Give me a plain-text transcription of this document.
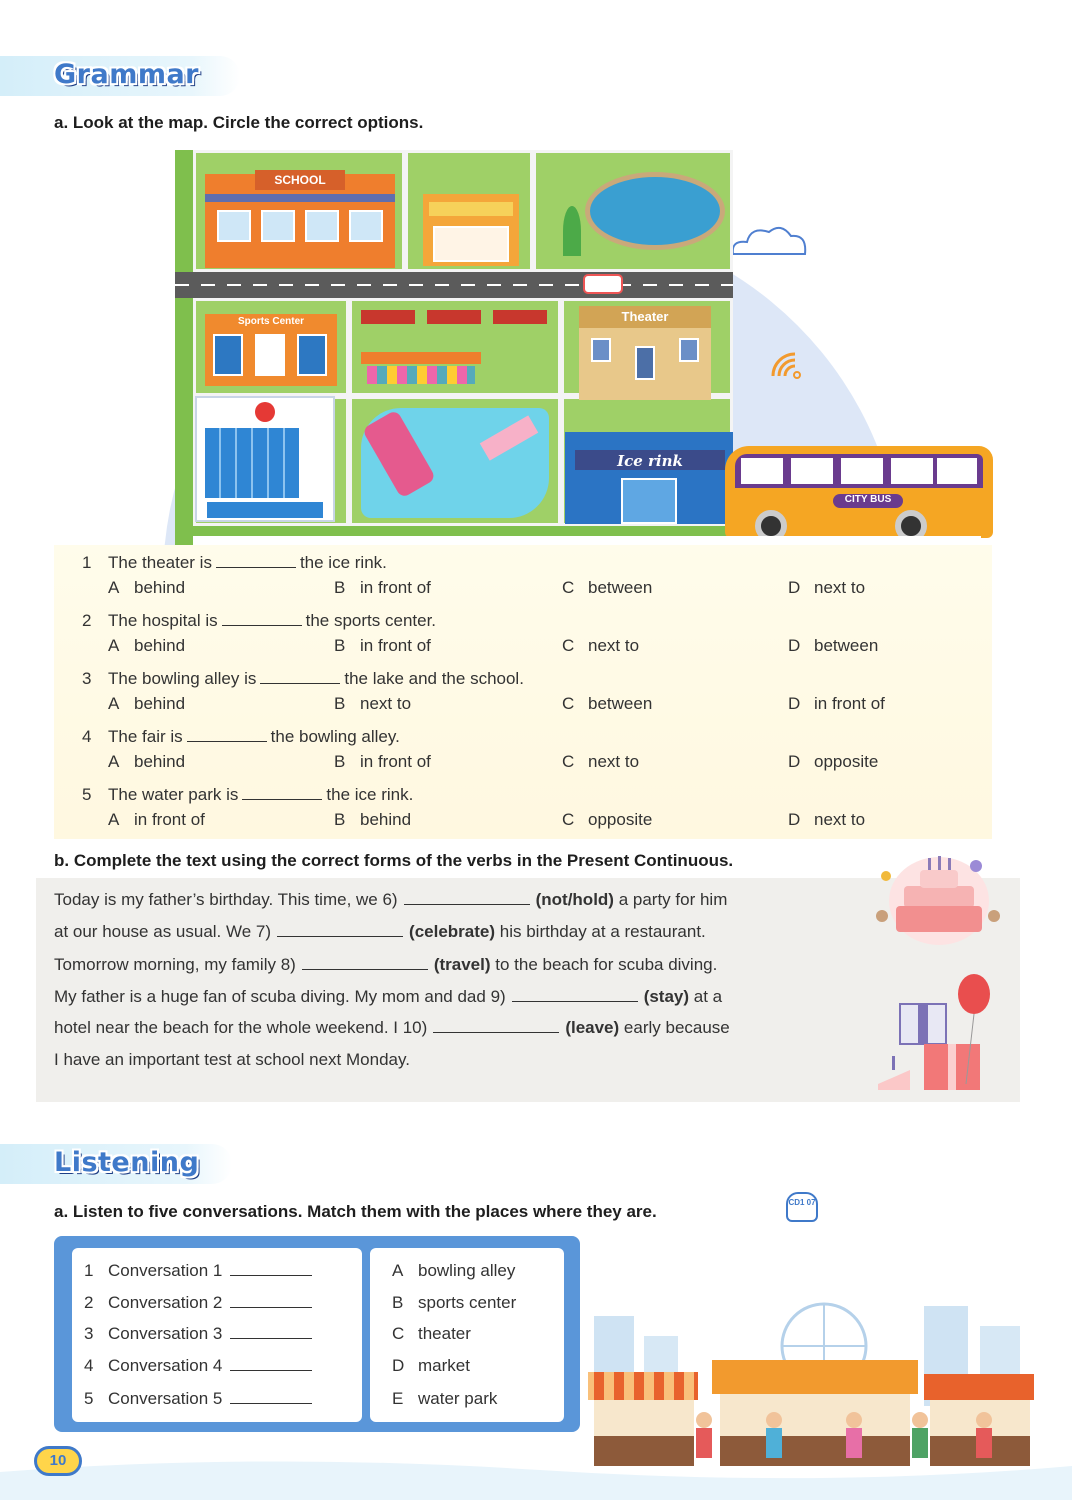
Grammar
a. Look at the map. Circle the correct options.
SCHOOL
Sports Center	Theater
Ice rink
CITY BUS
1 The theater is	the ice rink.
A behind	B in front of	C between	D next to
2 The hospital is	the sports center.
A behind	B in front of	C next to	D between
3 The bowling alley is	the lake and the school.
A behind	B next to	C between	D in front of
4 The fair is	the bowling alley.
A behind	B in front of	C next to	D opposite
5 The water park is	the ice rink.
A in front of	B behind	C opposite	D next to
b. Complete the text using the correct forms of the verbs in the Present Continuous.
Today is my father’s birthday. This time, we 6)	(not/hold) a party for him
at our house as usual. We 7)	(celebrate) his birthday at a restaurant.
Tomorrow morning, my family 8)	(travel) to the beach for scuba diving.
My father is a huge fan of scuba diving. My mom and dad 9)	(stay) at a
hotel near the beach for the whole weekend. I 10)	(leave) early because
I have an important test at school next Monday.
Listening
a. Listen to five conversations. Match them with the places where they are.	CD1 07
1 Conversation 1
2 Conversation 2
3 Conversation 3
4 Conversation 4
5 Conversation 5
A bowling alley
B sports center
C theater
D market
E water park
10
